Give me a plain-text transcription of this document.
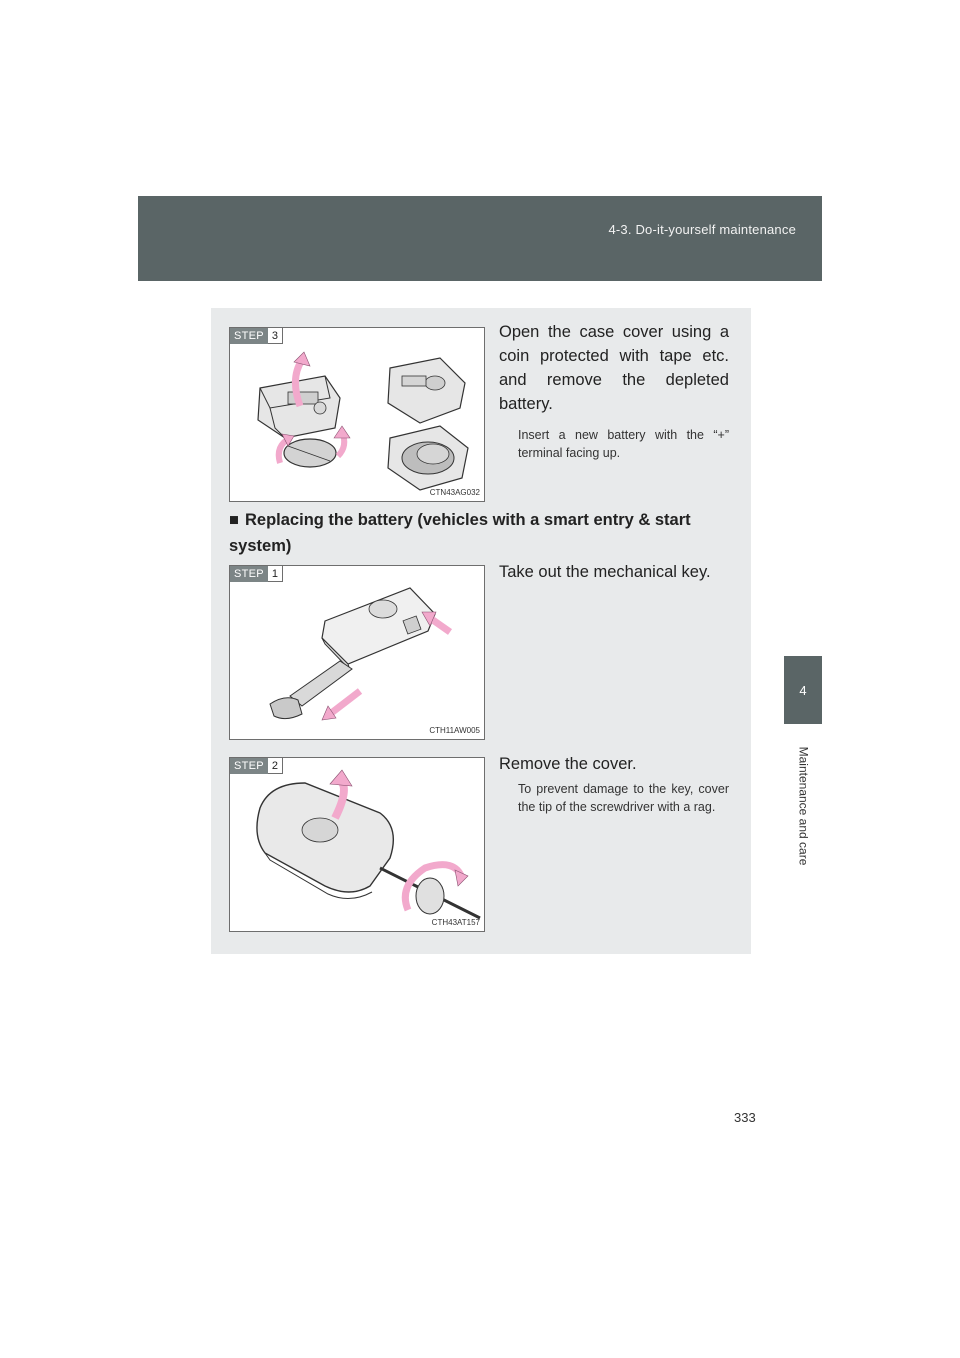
4-3. Do-it-yourself maintenance
4
Maintenance and care
STEP 3
CTN43AG032
Open the case cover using a coin protected with tape etc. and remove the depleted battery.
Insert a new battery with the “+” terminal facing up.
■ Replacing the battery (vehicles with a smart entry & start system)
STEP 1
CTH11AW005
Take out the mechanical key.
STEP 2
CTH43AT157
Remove the cover.
To prevent damage to the key, cover the tip of the screwdriver with a rag.
333
